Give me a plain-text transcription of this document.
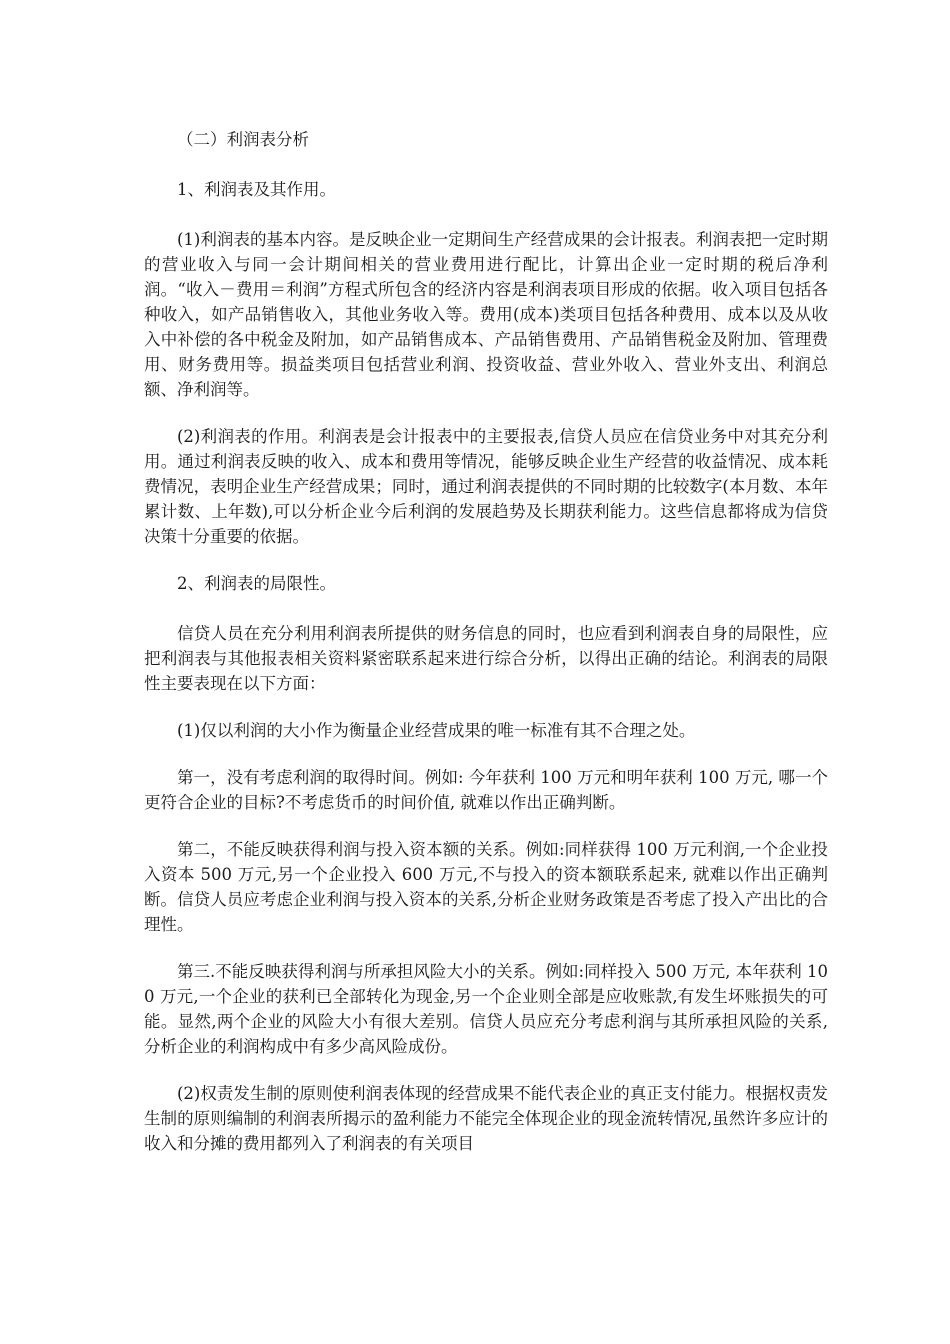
（二）利润表分析

1、利润表及其作用。

(1)利润表的基本内容。是反映企业一定期间生产经营成果的会计报表。利润表把一定时期的营业收入与同一会计期间相关的营业费用进行配比，计算出企业一定时期的税后净利润。“收入－费用＝利润”方程式所包含的经济内容是利润表项目形成的依据。收入项目包括各种收入，如产品销售收入，其他业务收入等。费用(成本)类项目包括各种费用、成本以及从收入中补偿的各中税金及附加，如产品销售成本、产品销售费用、产品销售税金及附加、管理费用、财务费用等。损益类项目包括营业利润、投资收益、营业外收入、营业外支出、利润总额、净利润等。

(2)利润表的作用。利润表是会计报表中的主要报表,信贷人员应在信贷业务中对其充分利用。通过利润表反映的收入、成本和费用等情况，能够反映企业生产经营的收益情况、成本耗费情况，表明企业生产经营成果；同时，通过利润表提供的不同时期的比较数字(本月数、本年累计数、上年数),可以分析企业今后利润的发展趋势及长期获利能力。这些信息都将成为信贷决策十分重要的依据。

2、利润表的局限性。

信贷人员在充分利用利润表所提供的财务信息的同时，也应看到利润表自身的局限性，应把利润表与其他报表相关资料紧密联系起来进行综合分析，以得出正确的结论。利润表的局限性主要表现在以下方面：

(1)仅以利润的大小作为衡量企业经营成果的唯一标准有其不合理之处。

第一，没有考虑利润的取得时间。例如: 今年获利 100 万元和明年获利 100 万元, 哪一个更符合企业的目标?不考虑货币的时间价值, 就难以作出正确判断。

第二，不能反映获得利润与投入资本额的关系。例如:同样获得 100 万元利润,一个企业投入资本 500 万元,另一个企业投入 600 万元,不与投入的资本额联系起来, 就难以作出正确判断。信贷人员应考虑企业利润与投入资本的关系,分析企业财务政策是否考虑了投入产出比的合理性。

第三.不能反映获得利润与所承担风险大小的关系。例如:同样投入 500 万元, 本年获利 100 万元,一个企业的获利已全部转化为现金,另一个企业则全部是应收账款,有发生坏账损失的可能。显然,两个企业的风险大小有很大差别。信贷人员应充分考虑利润与其所承担风险的关系,分析企业的利润构成中有多少高风险成份。

(2)权责发生制的原则使利润表体现的经营成果不能代表企业的真正支付能力。根据权责发生制的原则编制的利润表所揭示的盈利能力不能完全体现企业的现金流转情况,虽然许多应计的收入和分摊的费用都列入了利润表的有关项目
